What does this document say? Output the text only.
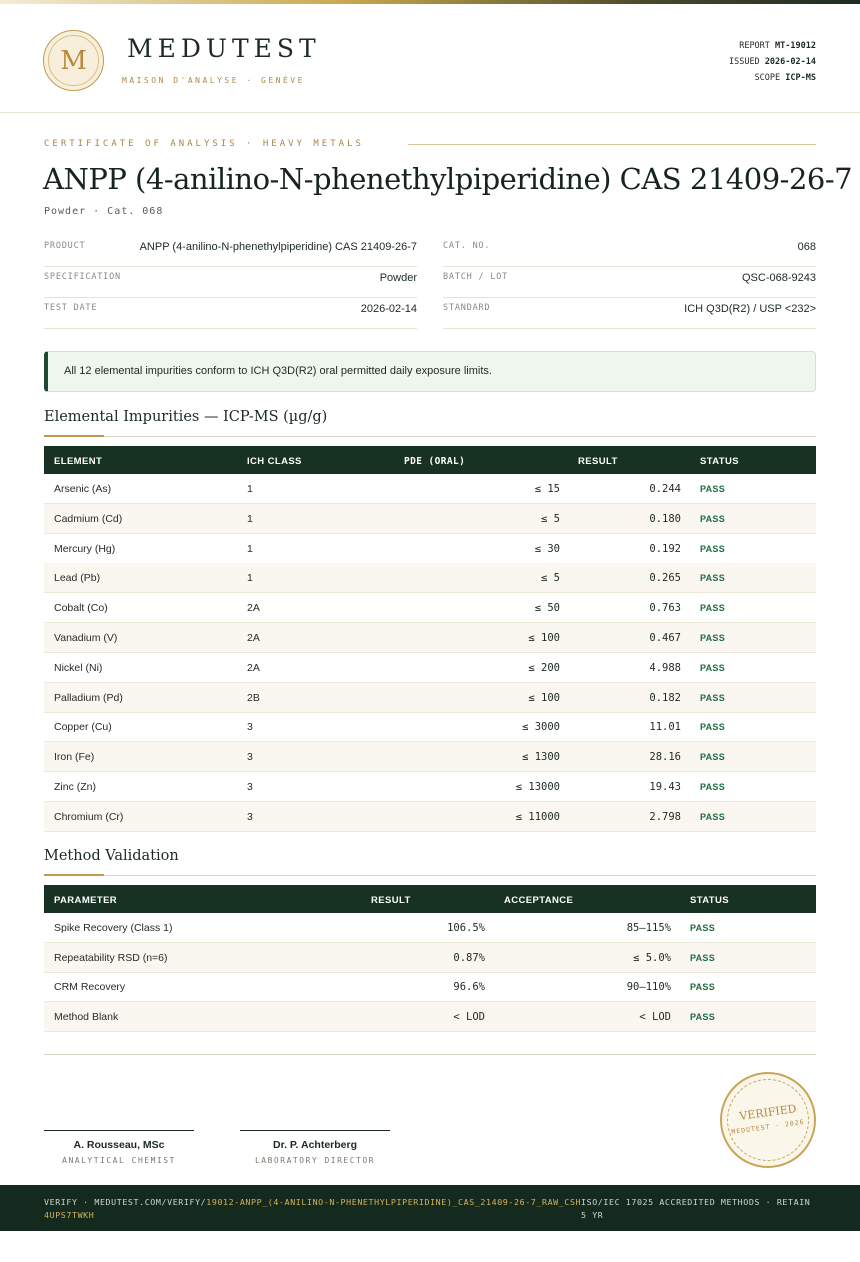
M	MEDUTEST
MAISON D'ANALYSE · GENÈVE
REPORT MT-19012
ISSUED 2026-02-14
SCOPE ICP-MS
CERTIFICATE OF ANALYSIS · HEAVY METALS
ANPP (4-anilino-N-phenethylpiperidine) CAS 21409-26-7
Powder · Cat. 068
PRODUCT	ANPP (4-anilino-N-phenethylpiperidine) CAS 21409-26-7
SPECIFICATION	Powder
TEST DATE	2026-02-14
CAT. NO.	068
BATCH / LOT	QSC-068-9243
STANDARD	ICH Q3D(R2) / USP <232>
All 12 elemental impurities conform to ICH Q3D(R2) oral permitted daily exposure limits.
Elemental Impurities — ICP-MS (µg/g)
ELEMENT	ICH CLASS	PDE (ORAL)	RESULT	STATUS
Arsenic (As)	1	≤ 15	0.244 PASS
Cadmium (Cd)	1	≤ 5	0.180 PASS
Mercury (Hg)	1	≤ 30	0.192 PASS
Lead (Pb)	1	≤ 5	0.265 PASS
Cobalt (Co)	2A	≤ 50	0.763 PASS
Vanadium (V)	2A	≤ 100	0.467 PASS
Nickel (Ni)	2A	≤ 200	4.988 PASS
Palladium (Pd)	2B	≤ 100	0.182 PASS
Copper (Cu)	3	≤ 3000	11.01 PASS
Iron (Fe)	3	≤ 1300	28.16 PASS
Zinc (Zn)	3	≤ 13000	19.43 PASS
Chromium (Cr)	3	≤ 11000	2.798 PASS
Method Validation
PARAMETER	RESULT	ACCEPTANCE	STATUS
Spike Recovery (Class 1)	106.5%	85–115% PASS
Repeatability RSD (n=6)	0.87%	≤ 5.0% PASS
CRM Recovery	96.6%	90–110% PASS
Method Blank	< LOD	< LOD PASS
A. Rousseau, MSc
ANALYTICAL CHEMIST
Dr. P. Achterberg
LABORATORY DIRECTOR
VERIFIED
MEDUTEST · 2026
VERIFY · MEDUTEST.COM/VERIFY/19012-ANPP_(4-ANILINO-N-PHENETHYLPIPERIDINE)_CAS_21409-26-7_RAW_CSH4UPS7TWKH
ISO/IEC 17025 ACCREDITED METHODS · RETAIN 5 YR
